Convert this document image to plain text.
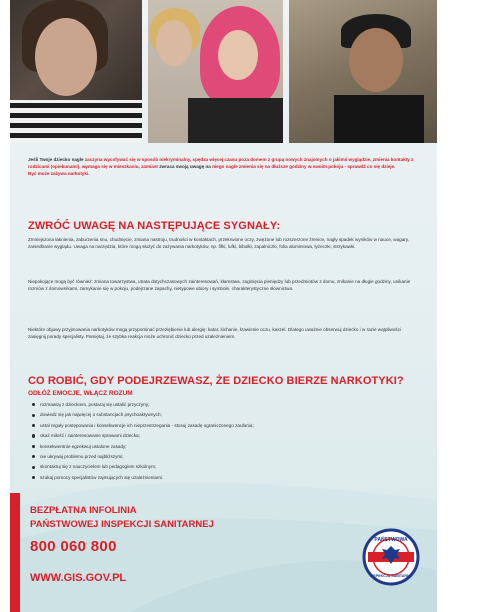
Jeśli Twoje dziecko nagle zaczyna wycofywać się w sposób niekryminalny, spędza więcej czasu poza domem z grupą nowych znajomych o jakimś wyglądzie, zmienia kontakty z rodzicami (opiekunami), wymaga się w mieszkaniu, zamiast zwraca swoją uwagę na niego nagle zmienia się na dłuższe godziny w swoim pokoju - sprawdź co się dzieje.
Być może zażywa narkotyki.

ZWRÓĆ UWAGĘ NA NASTĘPUJĄCE SYGNAŁY:

Zmniejszona łaknienia, zaburzenia snu, chudnięcie, zmiana nastroju, trudności w kontaktach, przekrwione oczy, zwężone lub rozszerzone źrenice, nagły spadek wyników w nauce, wagary, zaniedbanie wyglądu. Uwaga na narzędzia, które mogą służyć do zażywania narkotyków, np. fifki, lufki, bibułki, zapalniczki, folia aluminiowa, łyżeczki, strzykawki.

Niepokojące mogą być również: zmiana towarzystwa, utrata dotychczasowych zainteresowań, kłamstwa, zaginięcia pieniędzy lub przedmiotów z domu, znikanie na długie godziny, unikanie rozmów z domownikami, zamykanie się w pokoju, podejrzane zapachy, nietypowe ubiory i symbole, charakterystyczne słownictwo.

Niektóre objawy przyjmowania narkotyków mogą przypominać przeziębienie lub alergię: katar, kichanie, łzawienie oczu, kaszel. Dlatego uważnie obserwuj dziecko i w razie wątpliwości zasięgnij porady specjalisty. Pamiętaj, że szybka reakcja może uchronić dziecko przed uzależnieniem.

CO ROBIĆ, GDY PODEJRZEWASZ, ŻE DZIECKO BIERZE NARKOTYKI?
ODŁÓŻ EMOCJE, WŁĄCZ ROZUM
rozmawiaj z dzieckiem, postaraj się ustalić przyczyny;
dowiedz się jak najwięcej o substancjach psychoaktywnych;
ustal reguły postępowania i konsekwencje ich nieprzestrzegania - stosuj zasadę ograniczonego zaufania;
okaż miłość i zainteresowanie sprawami dziecka;
konsekwentnie egzekwuj ustalone zasady;
nie ukrywaj problemu przed najbliższymi;
skontaktuj się z nauczycielem lub pedagogiem szkolnym;
szukaj pomocy specjalistów zajmujących się uzależnieniami.
BEZPŁATNA INFOLINIA
PAŃSTWOWEJ INSPEKCJI SANITARNEJ
800 060 800
WWW.GIS.GOV.PL
PAŃSTWOWA
INSPEKCJA SANITARNA
